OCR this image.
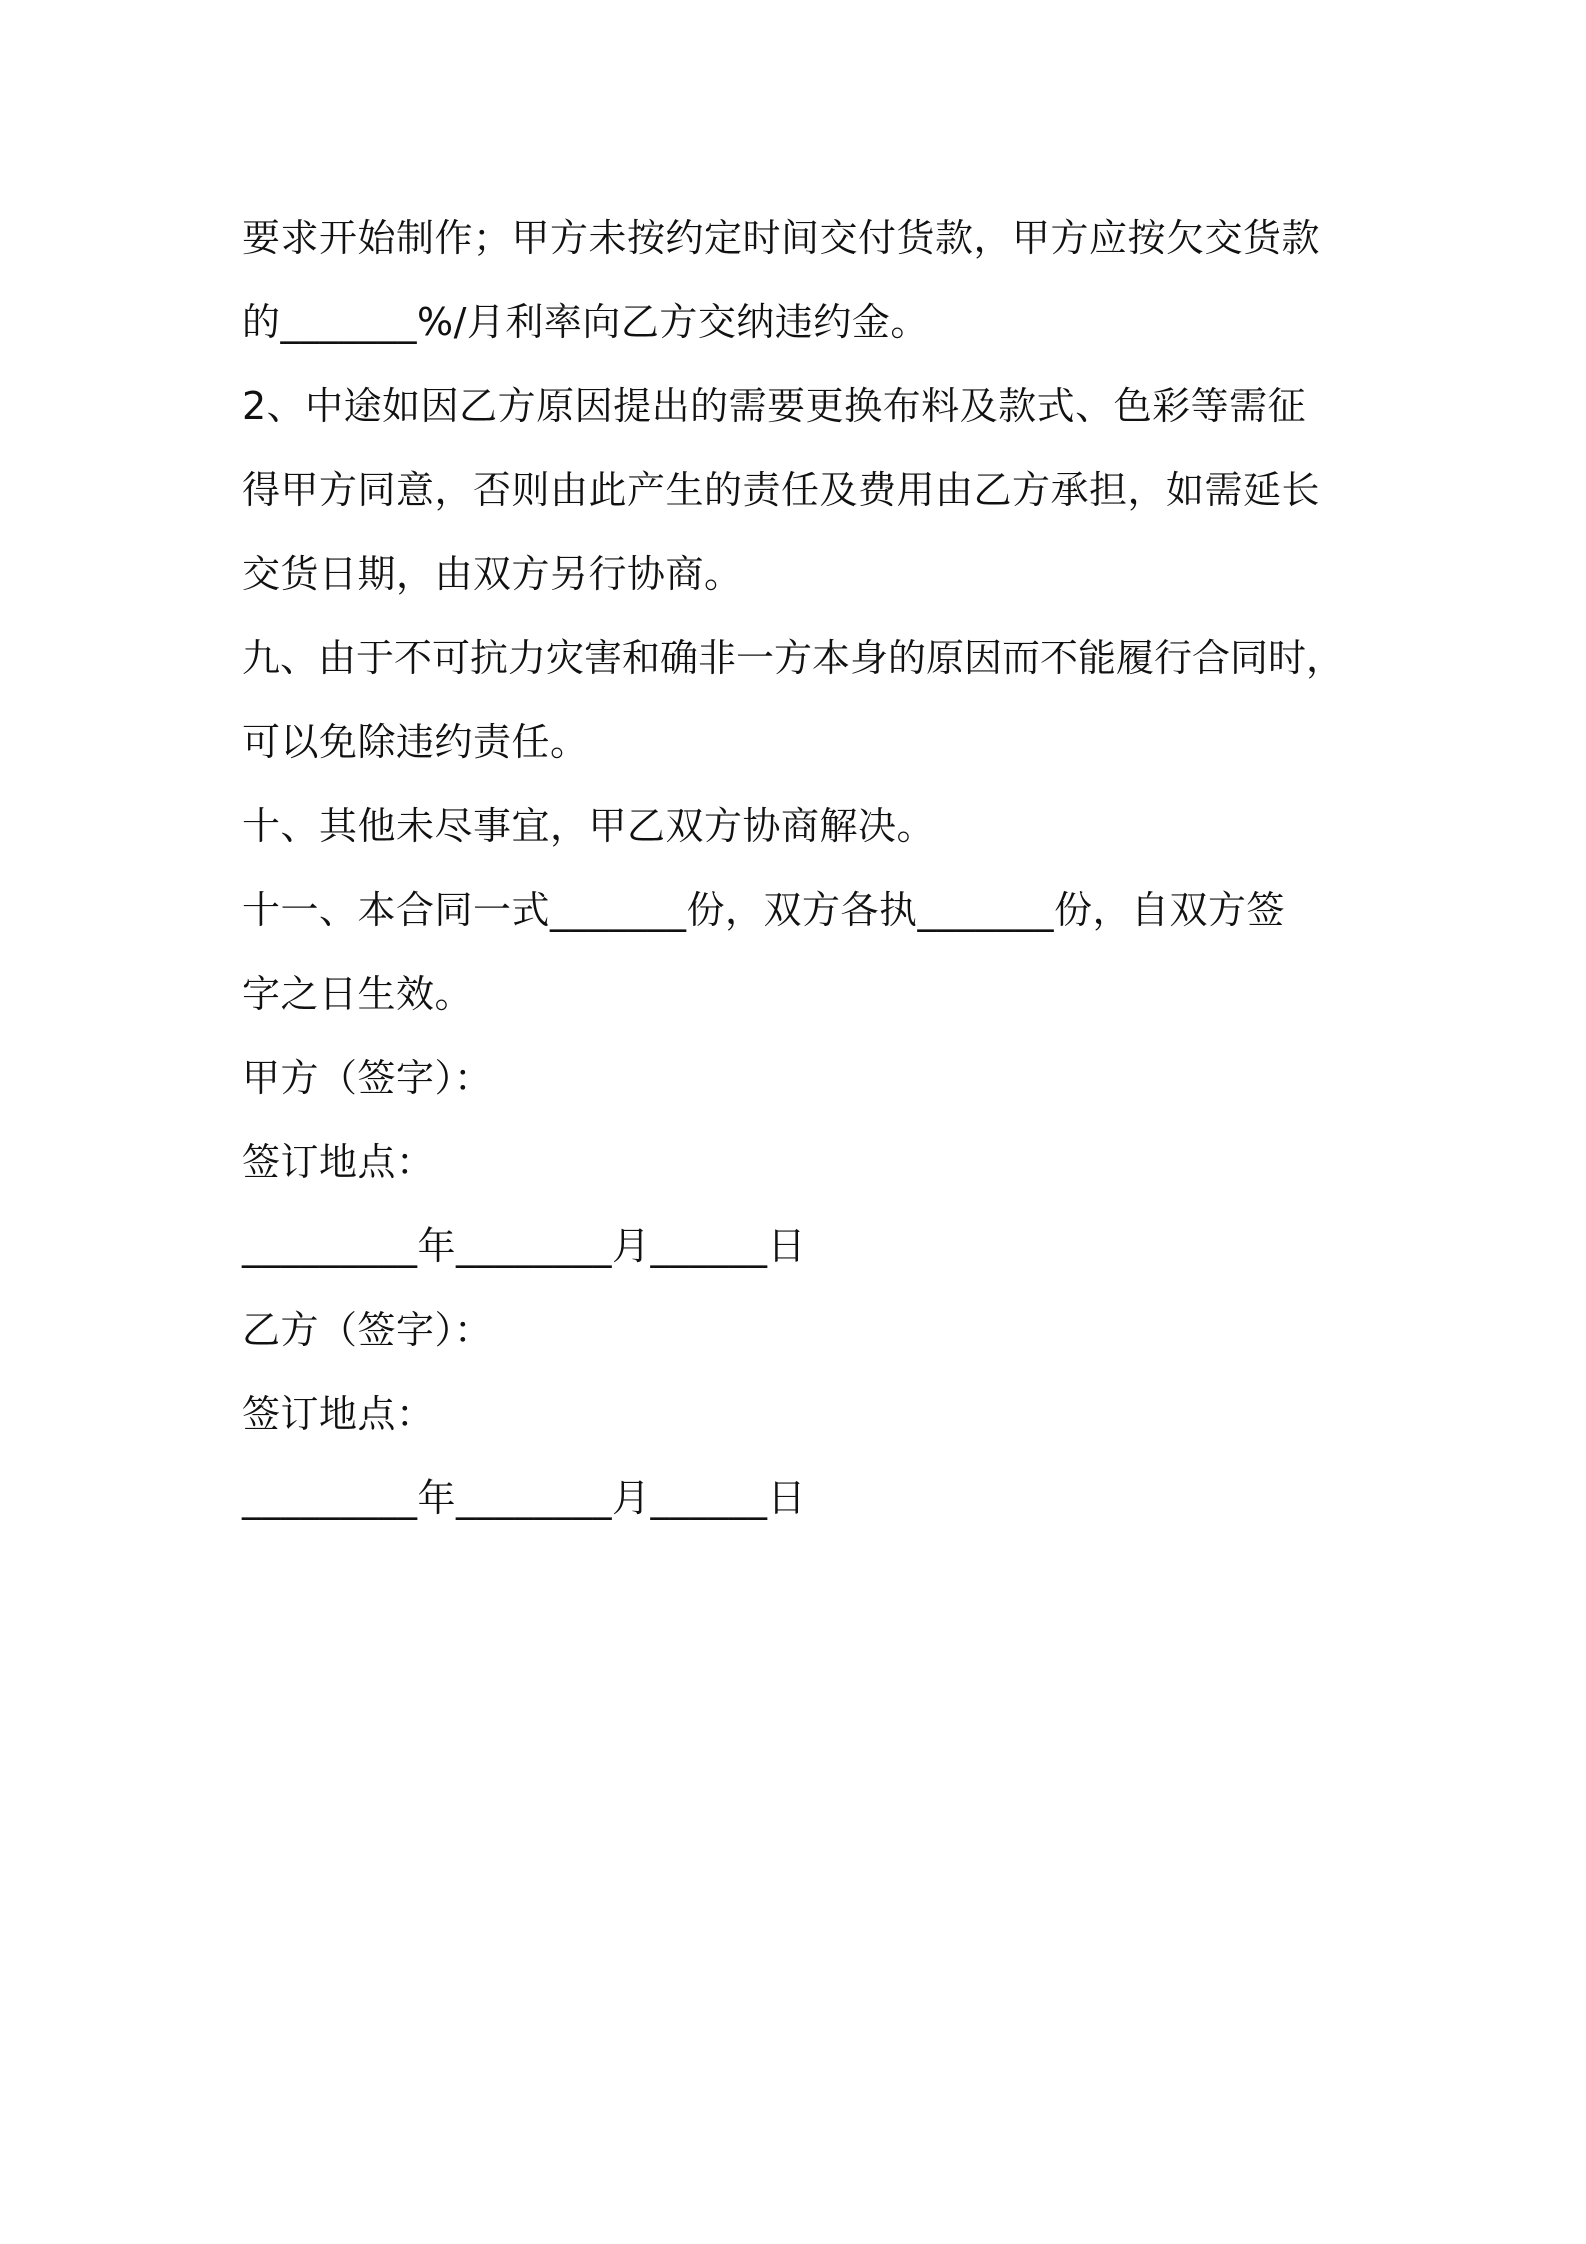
要求开始制作；甲方未按约定时间交付货款，甲方应按欠交货款
的_______%/月利率向乙方交纳违约金。
2、中途如因乙方原因提出的需要更换布料及款式、色彩等需征
得甲方同意，否则由此产生的责任及费用由乙方承担，如需延长
交货日期，由双方另行协商。
九、由于不可抗力灾害和确非一方本身的原因而不能履行合同时，
可以免除违约责任。
十、其他未尽事宜，甲乙双方协商解决。
十一、本合同一式_______份，双方各执_______份，自双方签
字之日生效。
甲方（签字）：
签订地点：
_________年________月______日
乙方（签字）：
签订地点：
_________年________月______日
